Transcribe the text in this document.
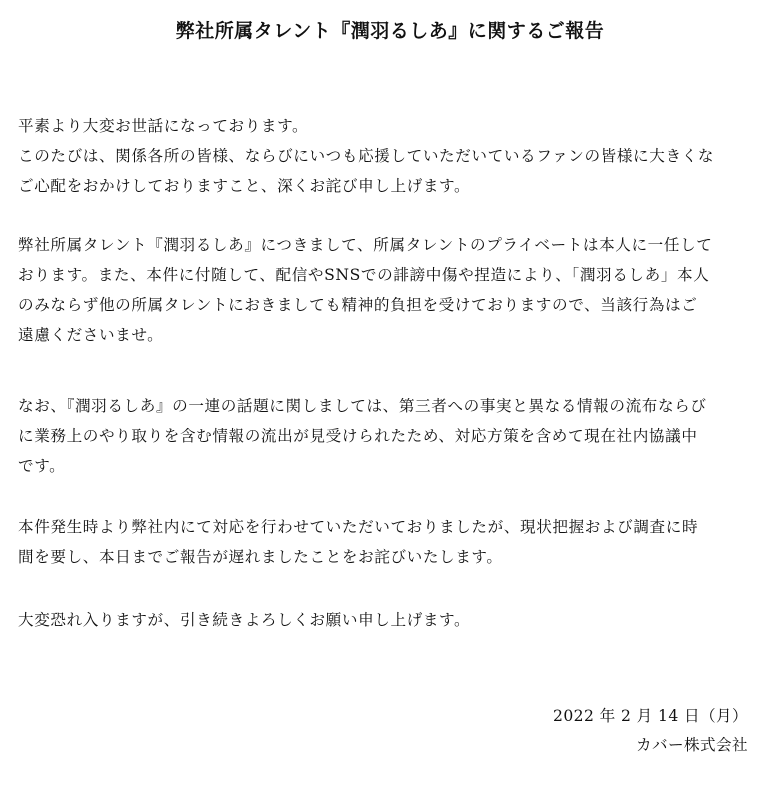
弊社所属タレント『潤羽るしあ』に関するご報告
平素より大変お世話になっております。
このたびは、関係各所の皆様、ならびにいつも応援していただいているファンの皆様に大きくな
ご心配をおかけしておりますこと、深くお詫び申し上げます。
弊社所属タレント『潤羽るしあ』につきまして、所属タレントのプライベートは本人に一任して
おります。また、本件に付随して、配信やSNSでの誹謗中傷や捏造により、「潤羽るしあ」本人
のみならず他の所属タレントにおきましても精神的負担を受けておりますので、当該行為はご
遠慮くださいませ。
なお、『潤羽るしあ』の一連の話題に関しましては、第三者への事実と異なる情報の流布ならび
に業務上のやり取りを含む情報の流出が見受けられたため、対応方策を含めて現在社内協議中
です。
本件発生時より弊社内にて対応を行わせていただいておりましたが、現状把握および調査に時
間を要し、本日までご報告が遅れましたことをお詫びいたします。
大変恐れ入りますが、引き続きよろしくお願い申し上げます。
2022 年 2 月 14 日（月）
カバー株式会社
